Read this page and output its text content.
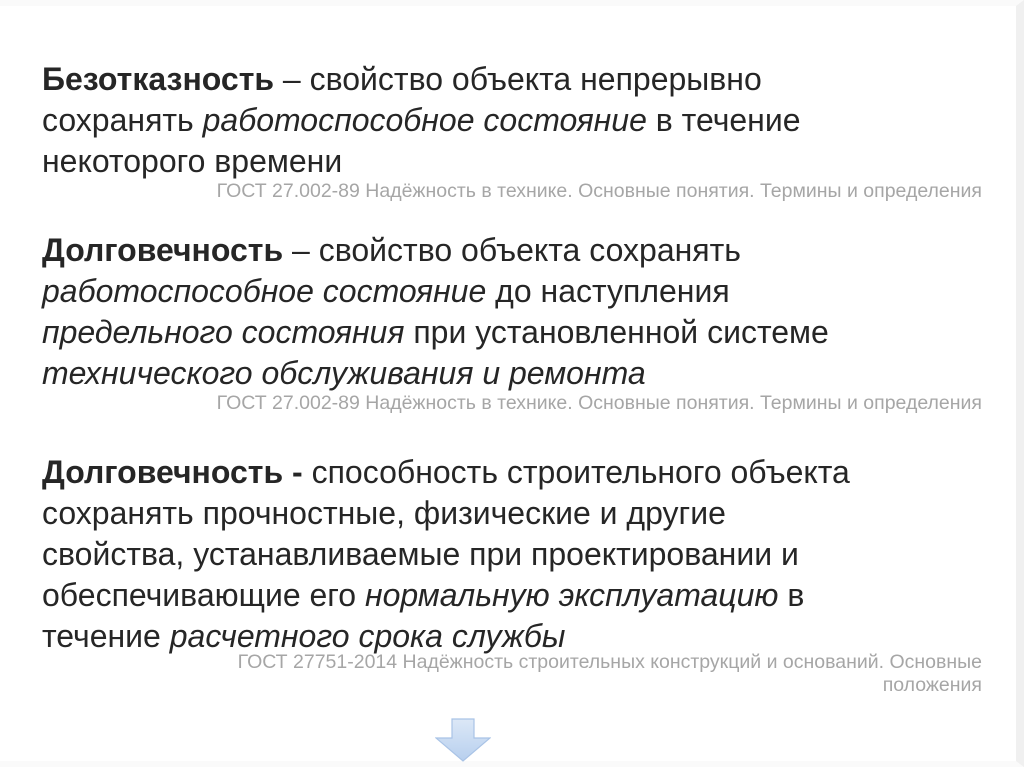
Безотказность – свойство объекта непрерывно
сохранять работоспособное состояние в течение
некоторого времени
ГОСТ 27.002-89 Надёжность в технике. Основные понятия. Термины и определения
Долговечность – свойство объекта сохранять
работоспособное состояние до наступления
предельного состояния при установленной системе
технического обслуживания и ремонта
ГОСТ 27.002-89 Надёжность в технике. Основные понятия. Термины и определения
Долговечность - способность строительного объекта
сохранять прочностные, физические и другие
свойства, устанавливаемые при проектировании и
обеспечивающие его нормальную эксплуатацию в
течение расчетного срока службы
ГОСТ 27751-2014 Надёжность строительных конструкций и оснований. Основные
положения
